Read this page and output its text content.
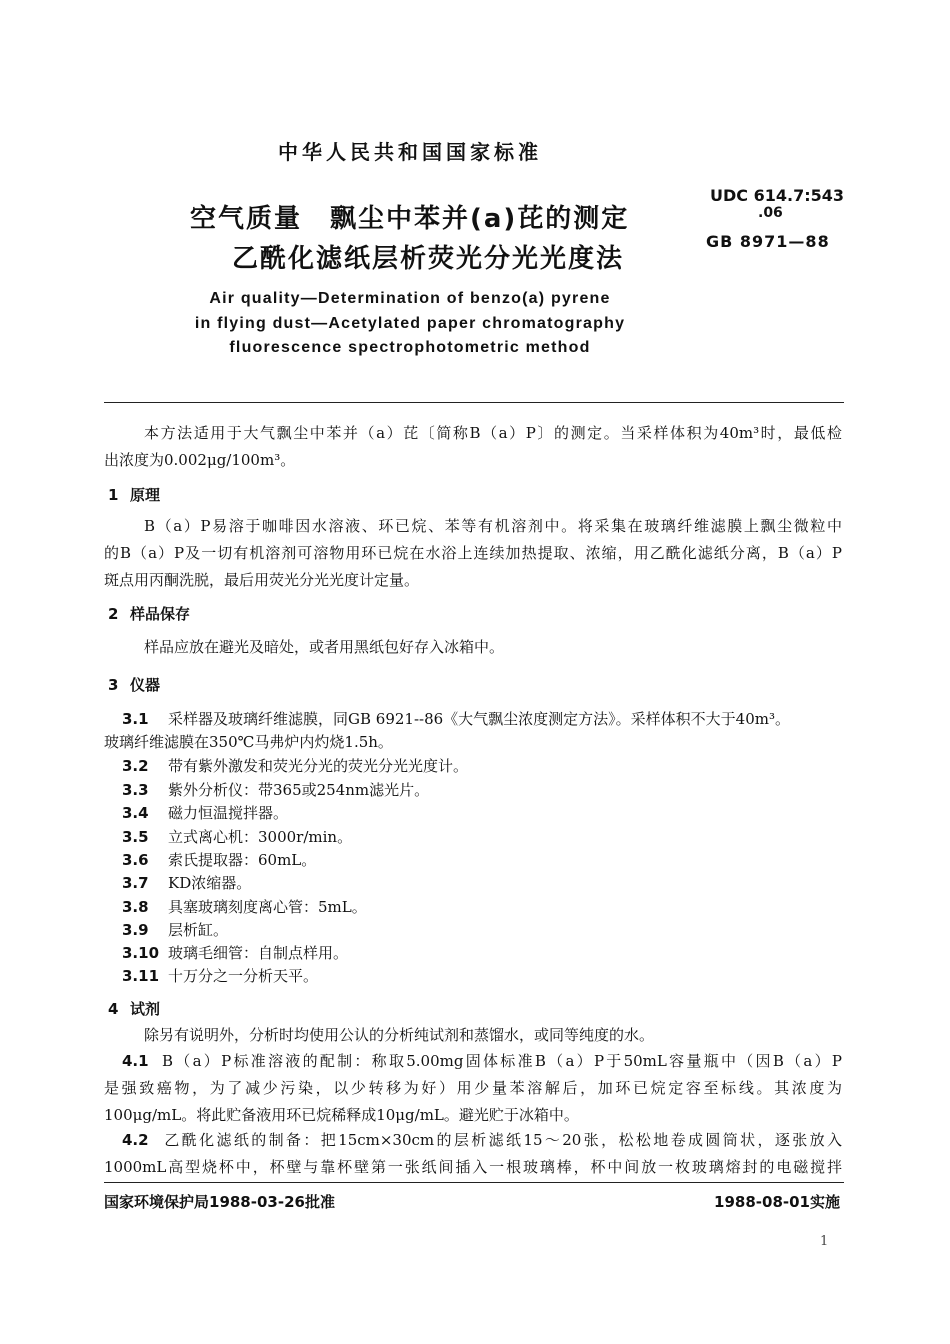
中华人民共和国国家标准
空气质量　飘尘中苯并(a)芘的测定
乙酰化滤纸层析荧光分光光度法
UDC 614.7:543
.06
GB 8971—88
Air quality—Determination of benzo(a) pyrene
in flying dust—Acetylated paper chromatography
fluorescence spectrophotometric method

本方法适用于大气飘尘中苯并（a）芘〔简称B（a）P〕的测定。当采样体积为40m³时，最低检

出浓度为0.002μg/100m³。

1 原理

B（a）P易溶于咖啡因水溶液、环已烷、苯等有机溶剂中。将采集在玻璃纤维滤膜上飘尘微粒中

的B（a）P及一切有机溶剂可溶物用环已烷在水浴上连续加热提取、浓缩，用乙酰化滤纸分离，B（a）P

斑点用丙酮洗脱，最后用荧光分光光度计定量。

2 样品保存

样品应放在避光及暗处，或者用黑纸包好存入冰箱中。

3 仪器
3.1 采样器及玻璃纤维滤膜，同GB 6921--86《大气飘尘浓度测定方法》。采样体积不大于40m³。
玻璃纤维滤膜在350℃马弗炉内灼烧1.5h。
3.2 带有紫外激发和荧光分光的荧光分光光度计。
3.3 紫外分析仪：带365或254nm滤光片。
3.4 磁力恒温搅拌器。
3.5 立式离心机：3000r/min。
3.6 索氏提取器：60mL。
3.7 KD浓缩器。
3.8 具塞玻璃刻度离心管：5mL。
3.9 层析缸。
3.10 玻璃毛细管：自制点样用。
3.11 十万分之一分析天平。
4 试剂

除另有说明外，分析时均使用公认的分析纯试剂和蒸馏水，或同等纯度的水。

4.1 B（a）P标准溶液的配制：称取5.00mg固体标准B（a）P于50mL容量瓶中（因B（a）P

是强致癌物，为了减少污染，以少转移为好）用少量苯溶解后，加环已烷定容至标线。其浓度为

100μg/mL。将此贮备液用环已烷稀释成10μg/mL。避光贮于冰箱中。

4.2 乙酰化滤纸的制备：把15cm×30cm的层析滤纸15～20张，松松地卷成圆筒状，逐张放入

1000mL高型烧杯中，杯壁与靠杯壁第一张纸间插入一根玻璃棒，杯中间放一枚玻璃熔封的电磁搅拌

国家环境保护局1988-03-26批准	1988-08-01实施
1
